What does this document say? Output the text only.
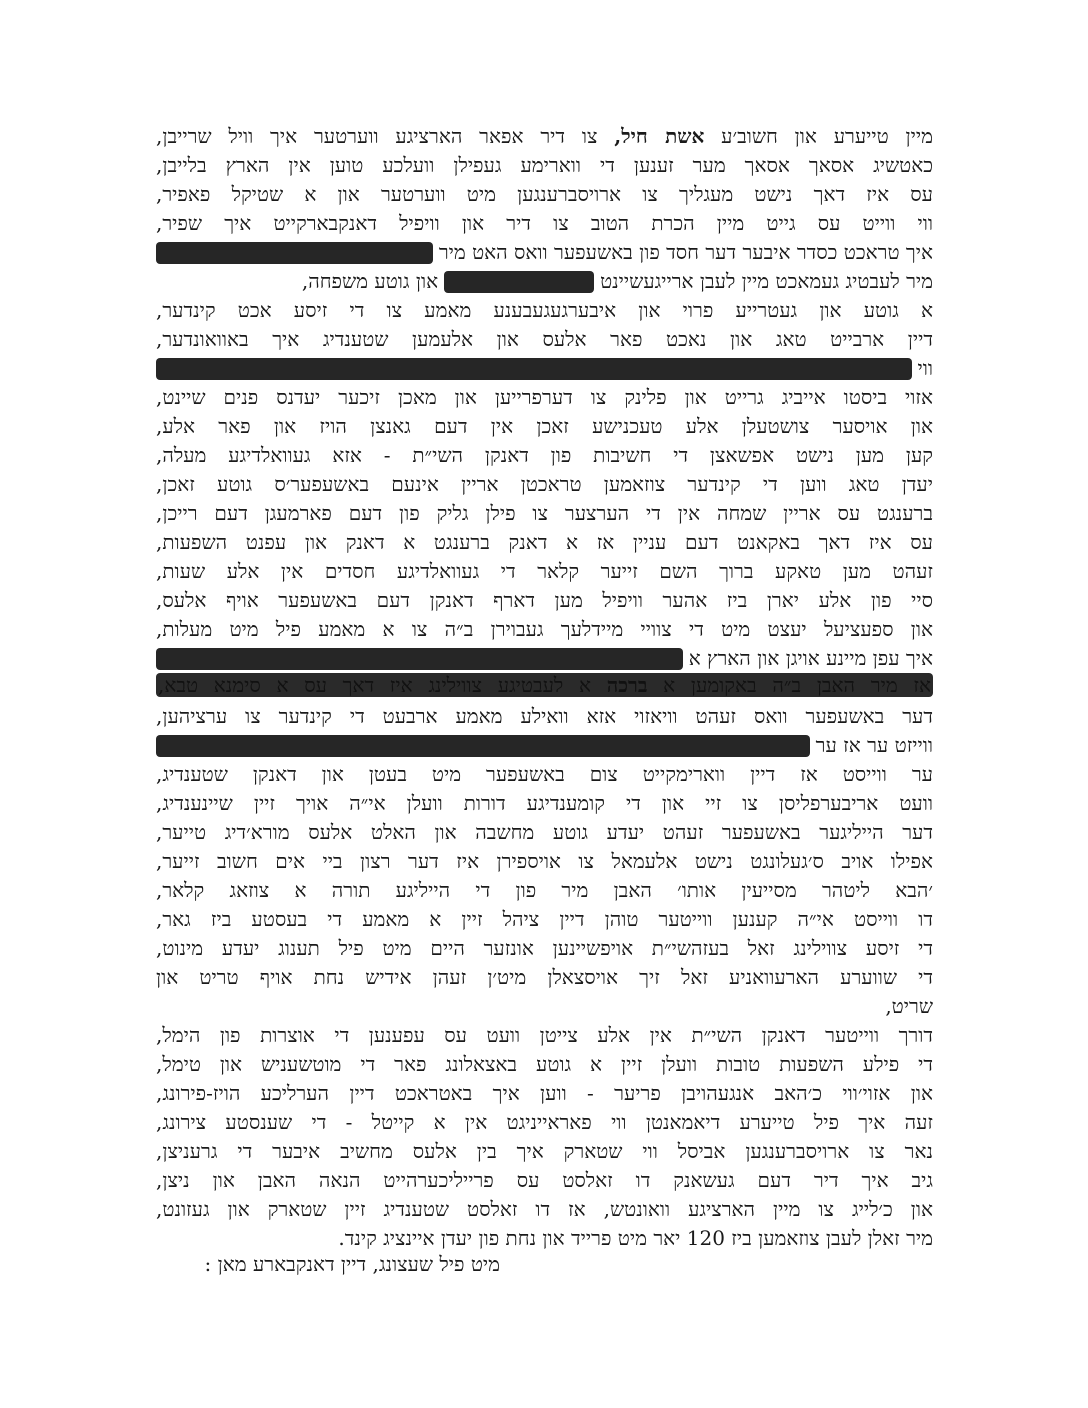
מיין טייערע און חשוב׳ע אשת חיל, צו דיר אפאר הארציגע ווערטער איך וויל שרייבן,
כאטשיג אסאך אסאך מער זענען די ווארימע געפילן וועלכע טוען אין הארץ בלייבן,
עס איז דאך נישט מעגליך צו ארויסברענגען מיט ווערטער און א שטיקל פאפיר,
ווי ווייט עס גייט מיין הכרת הטוב צו דיר און וויפיל דאנקבארקייט איך שפיר,
איך טראכט כסדר איבער דער חסד פון באשעפער וואס האט מיר
מיר לעבטיג געמאכט מיין לעבן ארייגעשיינט
און גוטע משפחה,
א גוטע און געטרייע פרוי און איבערגעגעבענע מאמע צו די זיסע אכט קינדער,
דיין ארבייט טאג און נאכט פאר אלעס און אלעמען שטענדיג איך באוואונדער,
ווי
אזוי ביסטו אייביג גרייט און פלינק צו דערפרייען און מאכן זיכער יעדנס פנים שיינט,
און אויסער צושטעלן אלע טעכנישע זאכן אין דעם גאנצן הויז און פאר אלע,
קען מען נישט אפשאצן די חשיבות פון דאנקן השי״ת - אזא געוואלדיגע מעלה,
יעדן טאג ווען די קינדער צוזאמען טראכטן אריין אינעם באשעפער׳ס גוטע זאכן,
ברענגט עס אריין שמחה אין די הערצער צו פילן גליק פון דעם פארמעגן דעם רייכן,
עס איז דאך באקאנט דעם עניין אז א דאנק ברענגט א דאנק און עפנט השפעות,
זעהט מען טאקע ברוך השם זייער קלאר די געוואלדיגע חסדים אין אלע שעות,
סיי פון אלע יארן ביז אהער וויפיל מען דארף דאנקן דעם באשעפער אויף אלעס,
און ספעציעל יעצט מיט די צוויי מיידלעך געבוירן ב״ה צו א מאמע פיל מיט מעלות,
איך עפן מיינע אויגן און הארץ א
אז מיר האבן ב״ה באקומען א ברכה א לעבטיגע צווילינג איז דאך עס א סימנא טבא,
דער באשעפער וואס זעהט וויאזוי אזא וואילע מאמע ארבעט די קינדער צו ערציהען,
ווייזט ער אז ער
ער ווייסט אז דיין ווארימקייט צום באשעפער מיט בעטן און דאנקן שטענדיג,
וועט אריבערפליסן צו זיי און די קומענדיגע דורות וועלן אי״ה אויך זיין שיינענדיג,
דער הייליגער באשעפער זעהט יעדע גוטע מחשבה און האלט אלעס מורא׳דיג טייער,
אפילו אויב ס׳געלונגט נישט אלעמאל צו אויספירן איז דער רצון ביי אים חשוב זייער,
׳הבא ליטהר מסייעין אותו׳ האבן מיר פון די הייליגע תורה א צוזאג קלאר,
דו ווייסט אי״ה קענען ווייטער טוהן דיין ציהל זיין א מאמע די בעסטע ביז גאר,
די זיסע צווילינג זאל בעזהשי״ת אויפשיינען אונזער היים מיט פיל תענוג יעדע מינוט,
די שווערע הארעוואניע זאל זיך אויסצאלן מיט׳ן זעהן אידיש נחת אויף טריט און
שריט,
דורך ווייטער דאנקן השי״ת אין אלע צייטן וועט עס עפענען די אוצרות פון הימל,
די פילע השפעות טובות וועלן זיין א גוטע באצאלונג פאר די מוטשעניש און טימל,
און אזוי׳ווי כ׳האב אנגעהויבן פריער - ווען איך באטראכט דיין הערליכע הויז-פירונג,
זעה איך פיל טייערע דיאמאנטן ווי פאראייניגט אין א קייטל - די שענסטע צירונג,
נאר צו ארויסברענגען אביסל ווי שטארק איך בין אלעס מחשיב איבער די גרעניצן,
גיב איך דיר דעם געשאנק דו זאלסט עס פרייליכערהייט הנאה האבן און ניצן,
און כ׳לייג צו מיין הארציגע וואונטש, אז דו זאלסט שטענדיג זיין שטארק און געזונט,
מיר זאלן לעבן צוזאמען ביז 120 יאר מיט פרייד און נחת פון יעדן איינציג קינד.
מיט פיל שעצונג, דיין דאנקבארע מאן :
